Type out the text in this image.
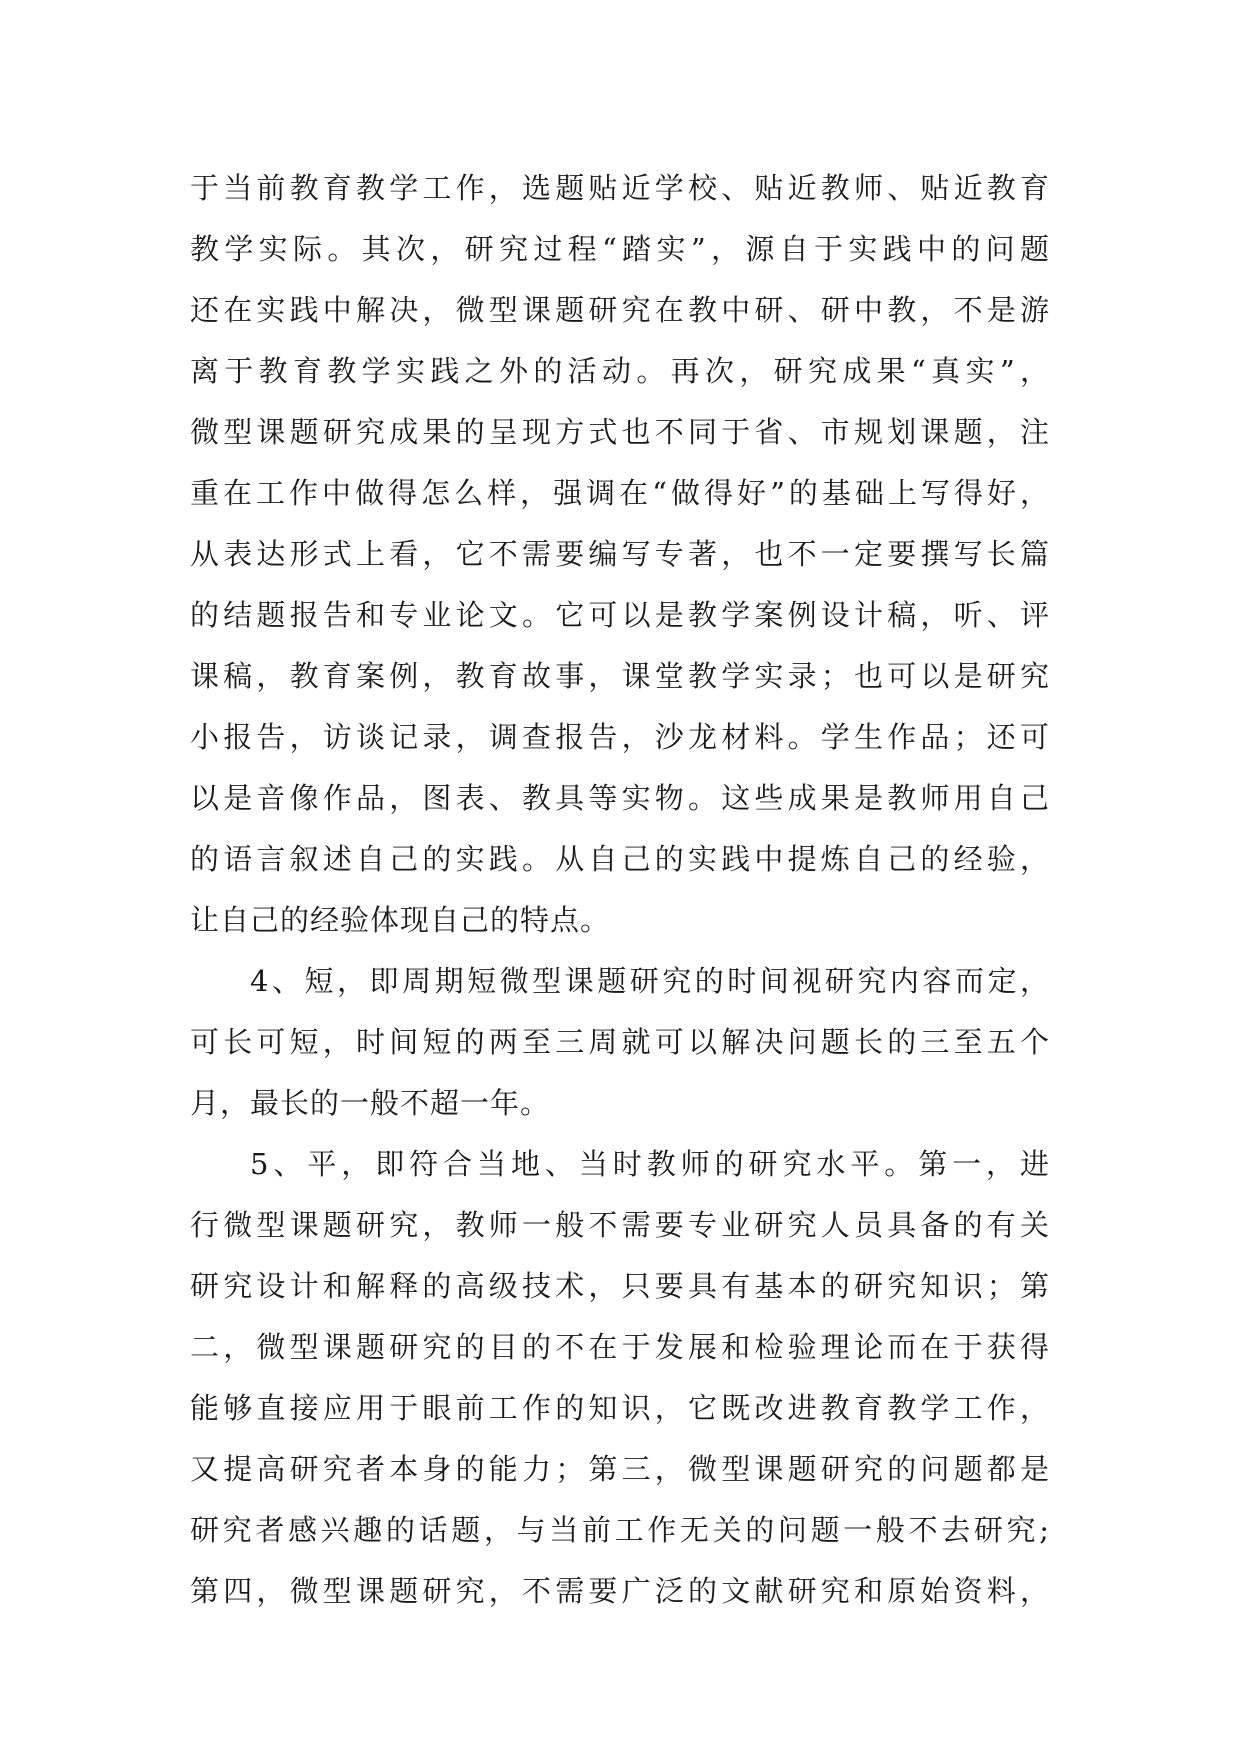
于当前教育教学工作，选题贴近学校、贴近教师、贴近教育
教学实际。其次，研究过程“踏实”，源自于实践中的问题
还在实践中解决，微型课题研究在教中研、研中教，不是游
离于教育教学实践之外的活动。再次，研究成果“真实”，
微型课题研究成果的呈现方式也不同于省、市规划课题，注
重在工作中做得怎么样，强调在“做得好”的基础上写得好，
从表达形式上看，它不需要编写专著，也不一定要撰写长篇
的结题报告和专业论文。它可以是教学案例设计稿，听、评
课稿，教育案例，教育故事，课堂教学实录；也可以是研究
小报告，访谈记录，调查报告，沙龙材料。学生作品；还可
以是音像作品，图表、教具等实物。这些成果是教师用自己
的语言叙述自己的实践。从自己的实践中提炼自己的经验，
让自己的经验体现自己的特点。
4、短，即周期短微型课题研究的时间视研究内容而定，
可长可短，时间短的两至三周就可以解决问题长的三至五个
月，最长的一般不超一年。
5、平，即符合当地、当时教师的研究水平。第一，进
行微型课题研究，教师一般不需要专业研究人员具备的有关
研究设计和解释的高级技术，只要具有基本的研究知识；第
二，微型课题研究的目的不在于发展和检验理论而在于获得
能够直接应用于眼前工作的知识，它既改进教育教学工作，
又提高研究者本身的能力；第三，微型课题研究的问题都是
研究者感兴趣的话题，与当前工作无关的问题一般不去研究;
第四，微型课题研究，不需要广泛的文献研究和原始资料，
